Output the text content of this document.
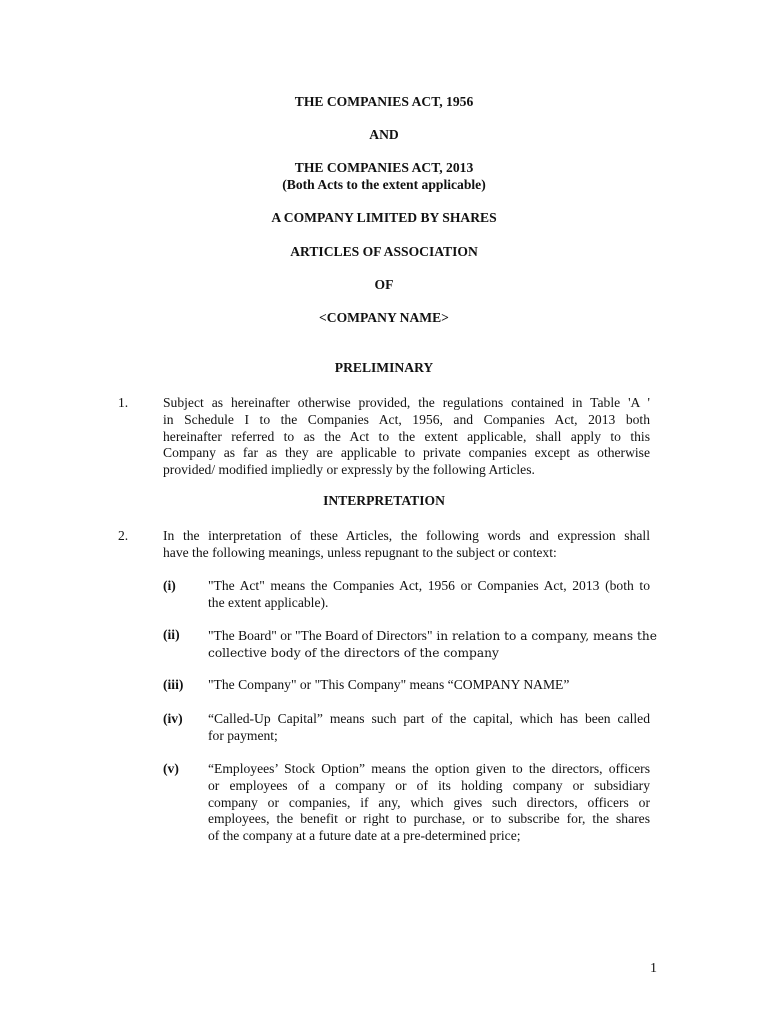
THE COMPANIES ACT, 1956
AND
THE COMPANIES ACT, 2013
(Both Acts to the extent applicable)
A COMPANY LIMITED BY SHARES
ARTICLES OF ASSOCIATION
OF
<COMPANY NAME>
PRELIMINARY
1.	Subject as hereinafter otherwise provided, the regulations contained in Table 'A '
in Schedule I to the Companies Act, 1956, and Companies Act, 2013 both
hereinafter referred to as the Act to the extent applicable, shall apply to this
Company as far as they are applicable to private companies except as otherwise
provided/ modified impliedly or expressly by the following Articles.
INTERPRETATION
2.	In the interpretation of these Articles, the following words and expression shall
have the following meanings, unless repugnant to the subject or context:
(i) "The Act" means the Companies Act, 1956 or Companies Act, 2013 (both to
the extent applicable).
(ii) "The Board" or "The Board of Directors" in relation to a company, means the
collective body of the directors of the company
(iii) "The Company" or "This Company" means “COMPANY NAME”
(iv) “Called-Up Capital” means such part of the capital, which has been called
for payment;
(v) “Employees’ Stock Option” means the option given to the directors, officers
or employees of a company or of its holding company or subsidiary
company or companies, if any, which gives such directors, officers or
employees, the benefit or right to purchase, or to subscribe for, the shares
of the company at a future date at a pre-determined price;
1
